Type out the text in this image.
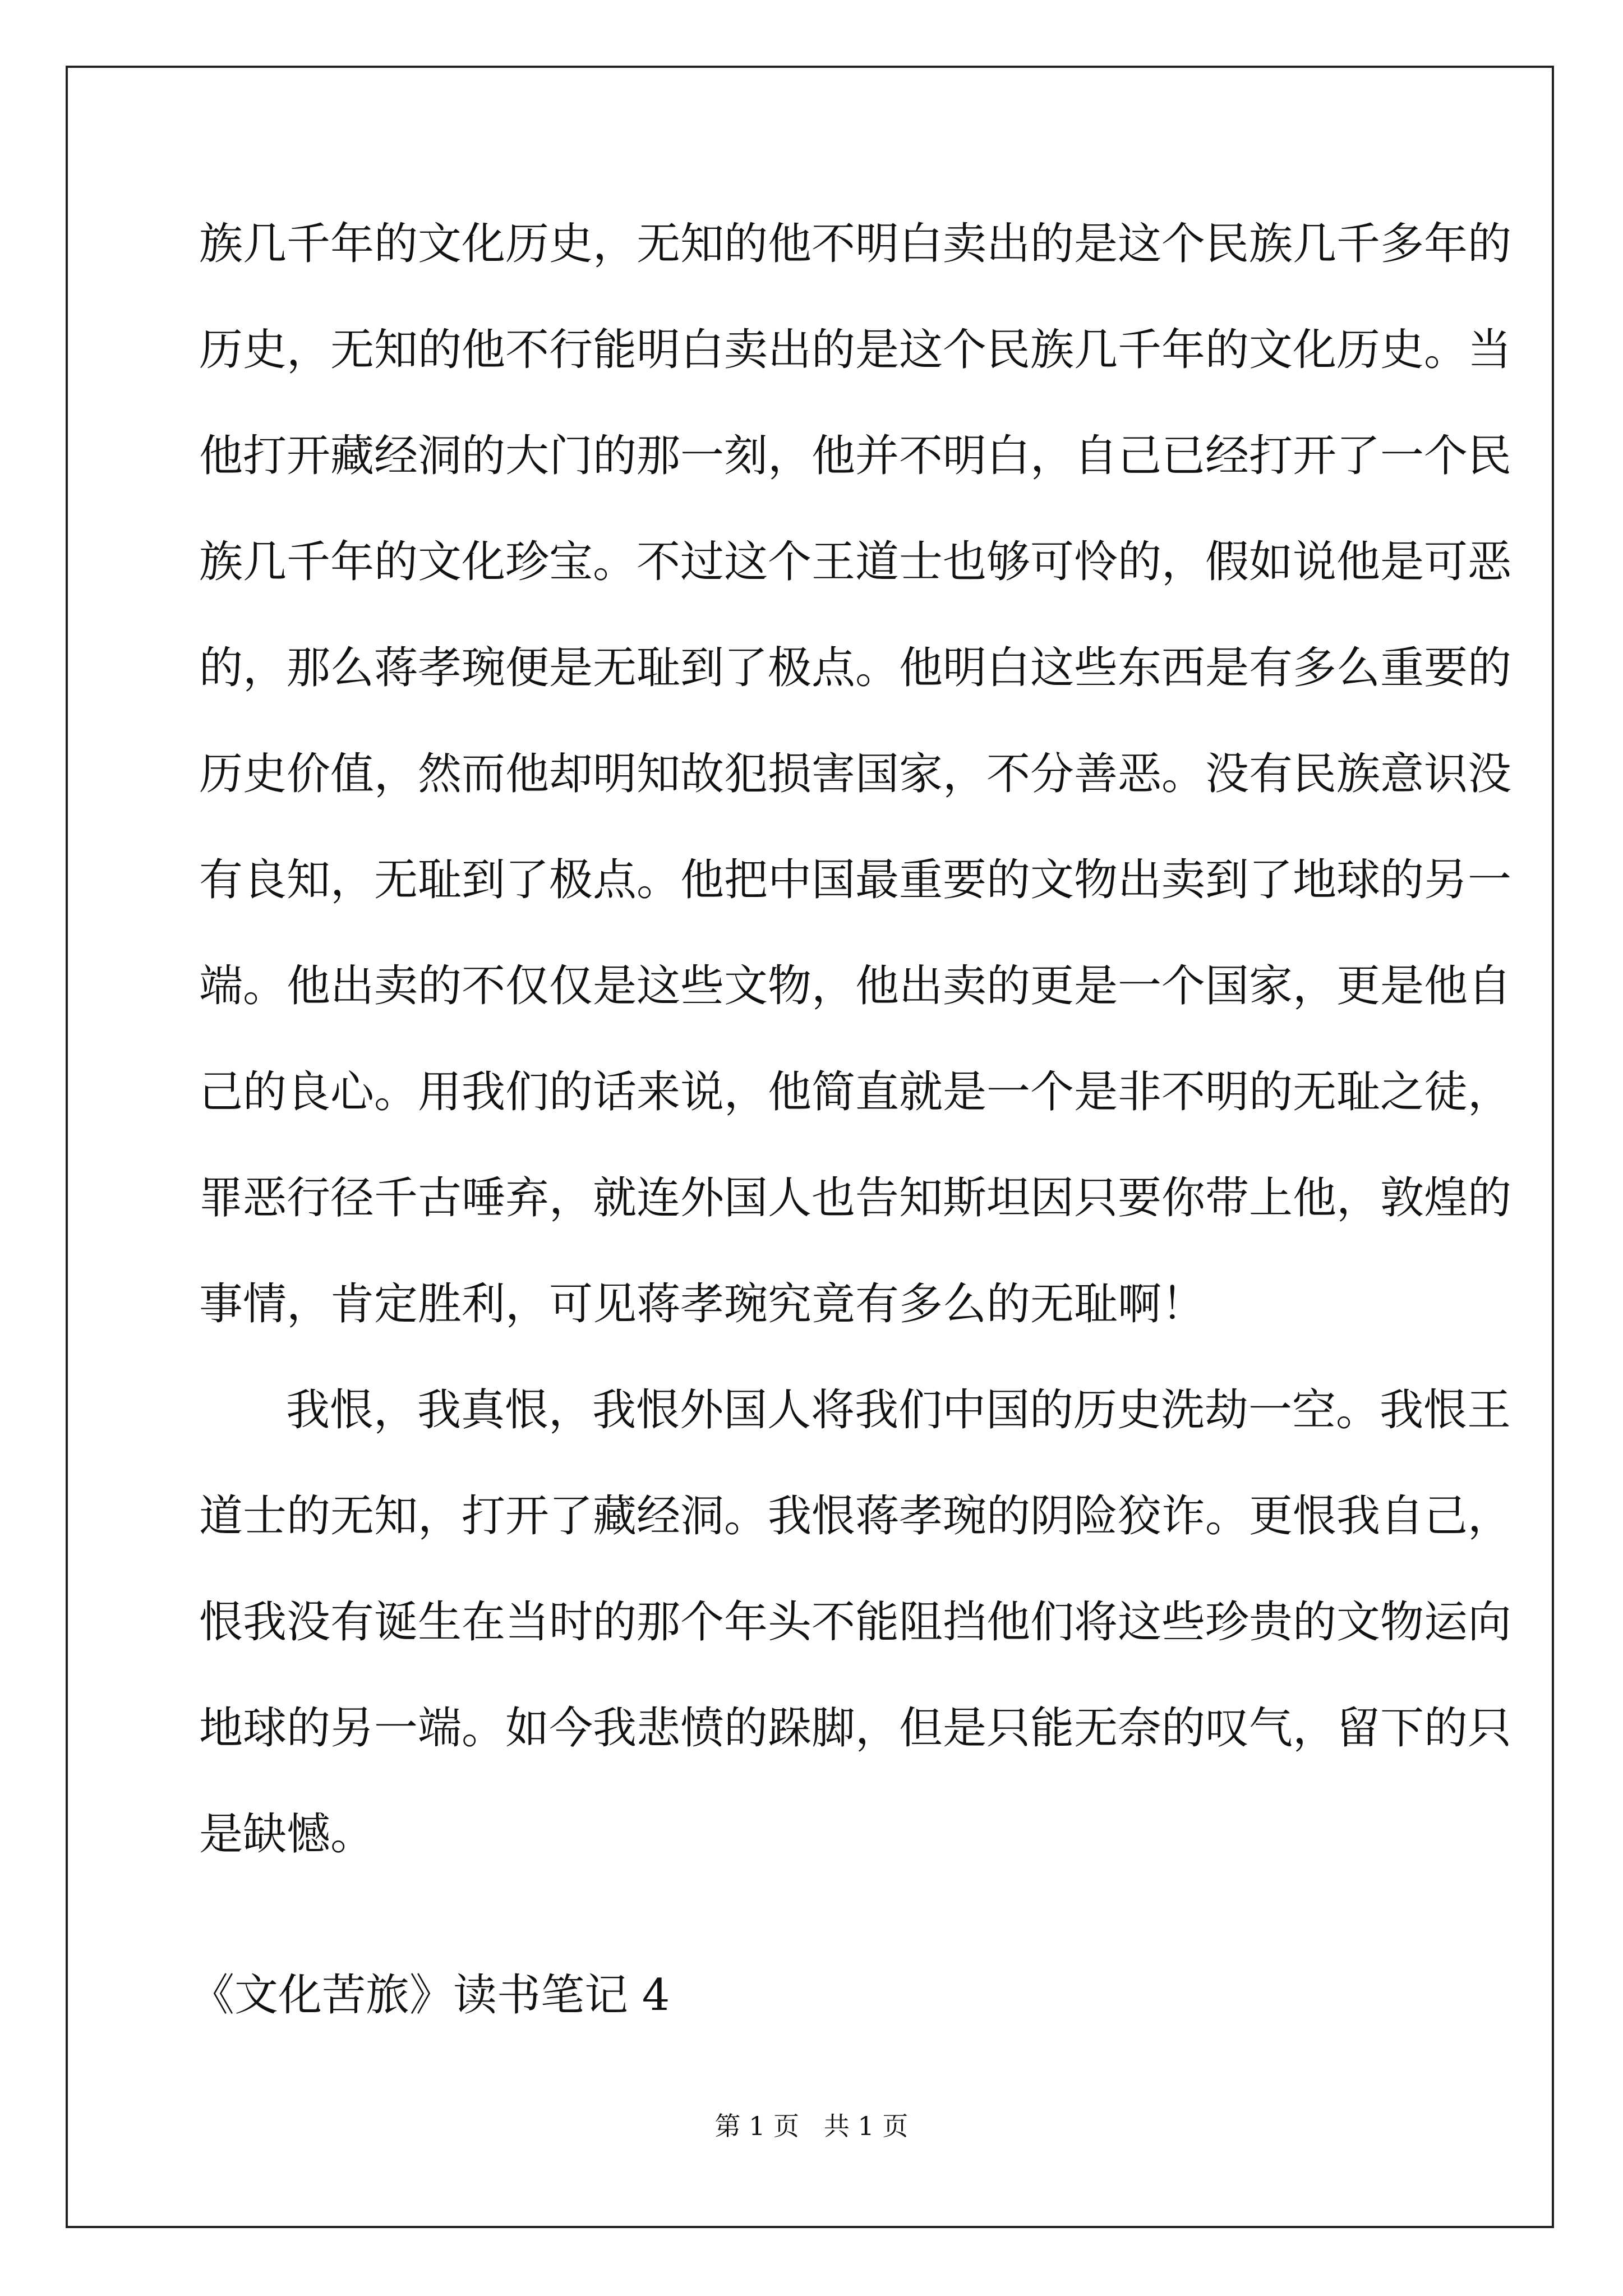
族几千年的文化历史，无知的他不明白卖出的是这个民族几千多年的
历史，无知的他不行能明白卖出的是这个民族几千年的文化历史。当
他打开藏经洞的大门的那一刻，他并不明白，自己已经打开了一个民
族几千年的文化珍宝。不过这个王道士也够可怜的，假如说他是可恶
的，那么蒋孝琬便是无耻到了极点。他明白这些东西是有多么重要的
历史价值，然而他却明知故犯损害国家，不分善恶。没有民族意识没
有良知，无耻到了极点。他把中国最重要的文物出卖到了地球的另一
端。他出卖的不仅仅是这些文物，他出卖的更是一个国家，更是他自
己的良心。用我们的话来说，他简直就是一个是非不明的无耻之徒，
罪恶行径千古唾弃，就连外国人也告知斯坦因只要你带上他，敦煌的
事情，肯定胜利，可见蒋孝琬究竟有多么的无耻啊！
我恨，我真恨，我恨外国人将我们中国的历史洗劫一空。我恨王
道士的无知，打开了藏经洞。我恨蒋孝琬的阴险狡诈。更恨我自己，
恨我没有诞生在当时的那个年头不能阻挡他们将这些珍贵的文物运向
地球的另一端。如今我悲愤的跺脚，但是只能无奈的叹气，留下的只
是缺憾。
《文化苦旅》读书笔记 4
第 1 页   共 1 页
